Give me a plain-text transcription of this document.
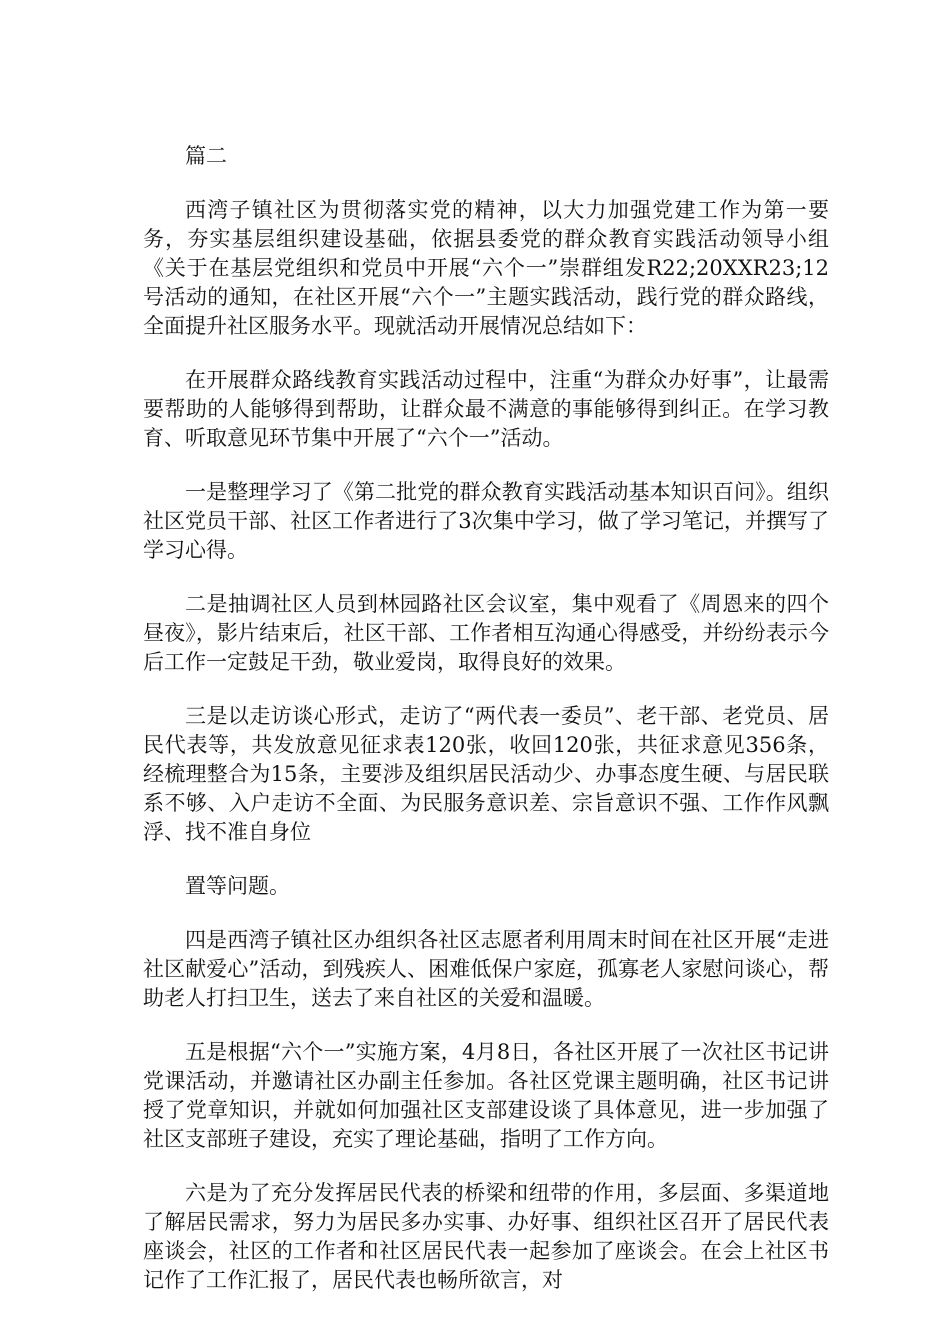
篇二

西湾子镇社区为贯彻落实党的精神，以大力加强党建工作为第一要务，夯实基层组织建设基础，依据县委党的群众教育实践活动领导小组《关于在基层党组织和党员中开展“六个一”崇群组发R22;20XXR23;12号活动的通知，在社区开展“六个一”主题实践活动，践行党的群众路线，全面提升社区服务水平。现就活动开展情况总结如下：

在开展群众路线教育实践活动过程中，注重“为群众办好事”，让最需要帮助的人能够得到帮助，让群众最不满意的事能够得到纠正。在学习教育、听取意见环节集中开展了“六个一”活动。

一是整理学习了《第二批党的群众教育实践活动基本知识百问》。组织社区党员干部、社区工作者进行了3次集中学习，做了学习笔记，并撰写了学习心得。

二是抽调社区人员到林园路社区会议室，集中观看了《周恩来的四个昼夜》，影片结束后，社区干部、工作者相互沟通心得感受，并纷纷表示今后工作一定鼓足干劲，敬业爱岗，取得良好的效果。

三是以走访谈心形式，走访了“两代表一委员”、老干部、老党员、居民代表等，共发放意见征求表120张，收回120张，共征求意见356条，经梳理整合为15条，主要涉及组织居民活动少、办事态度生硬、与居民联系不够、入户走访不全面、为民服务意识差、宗旨意识不强、工作作风飘浮、找不准自身位

置等问题。

四是西湾子镇社区办组织各社区志愿者利用周末时间在社区开展“走进社区献爱心”活动，到残疾人、困难低保户家庭，孤寡老人家慰问谈心，帮助老人打扫卫生，送去了来自社区的关爱和温暖。

五是根据“六个一”实施方案，4月8日，各社区开展了一次社区书记讲党课活动，并邀请社区办副主任参加。各社区党课主题明确，社区书记讲授了党章知识，并就如何加强社区支部建设谈了具体意见，进一步加强了社区支部班子建设，充实了理论基础，指明了工作方向。

六是为了充分发挥居民代表的桥梁和纽带的作用，多层面、多渠道地了解居民需求，努力为居民多办实事、办好事、组织社区召开了居民代表座谈会，社区的工作者和社区居民代表一起参加了座谈会。在会上社区书记作了工作汇报了，居民代表也畅所欲言，对
